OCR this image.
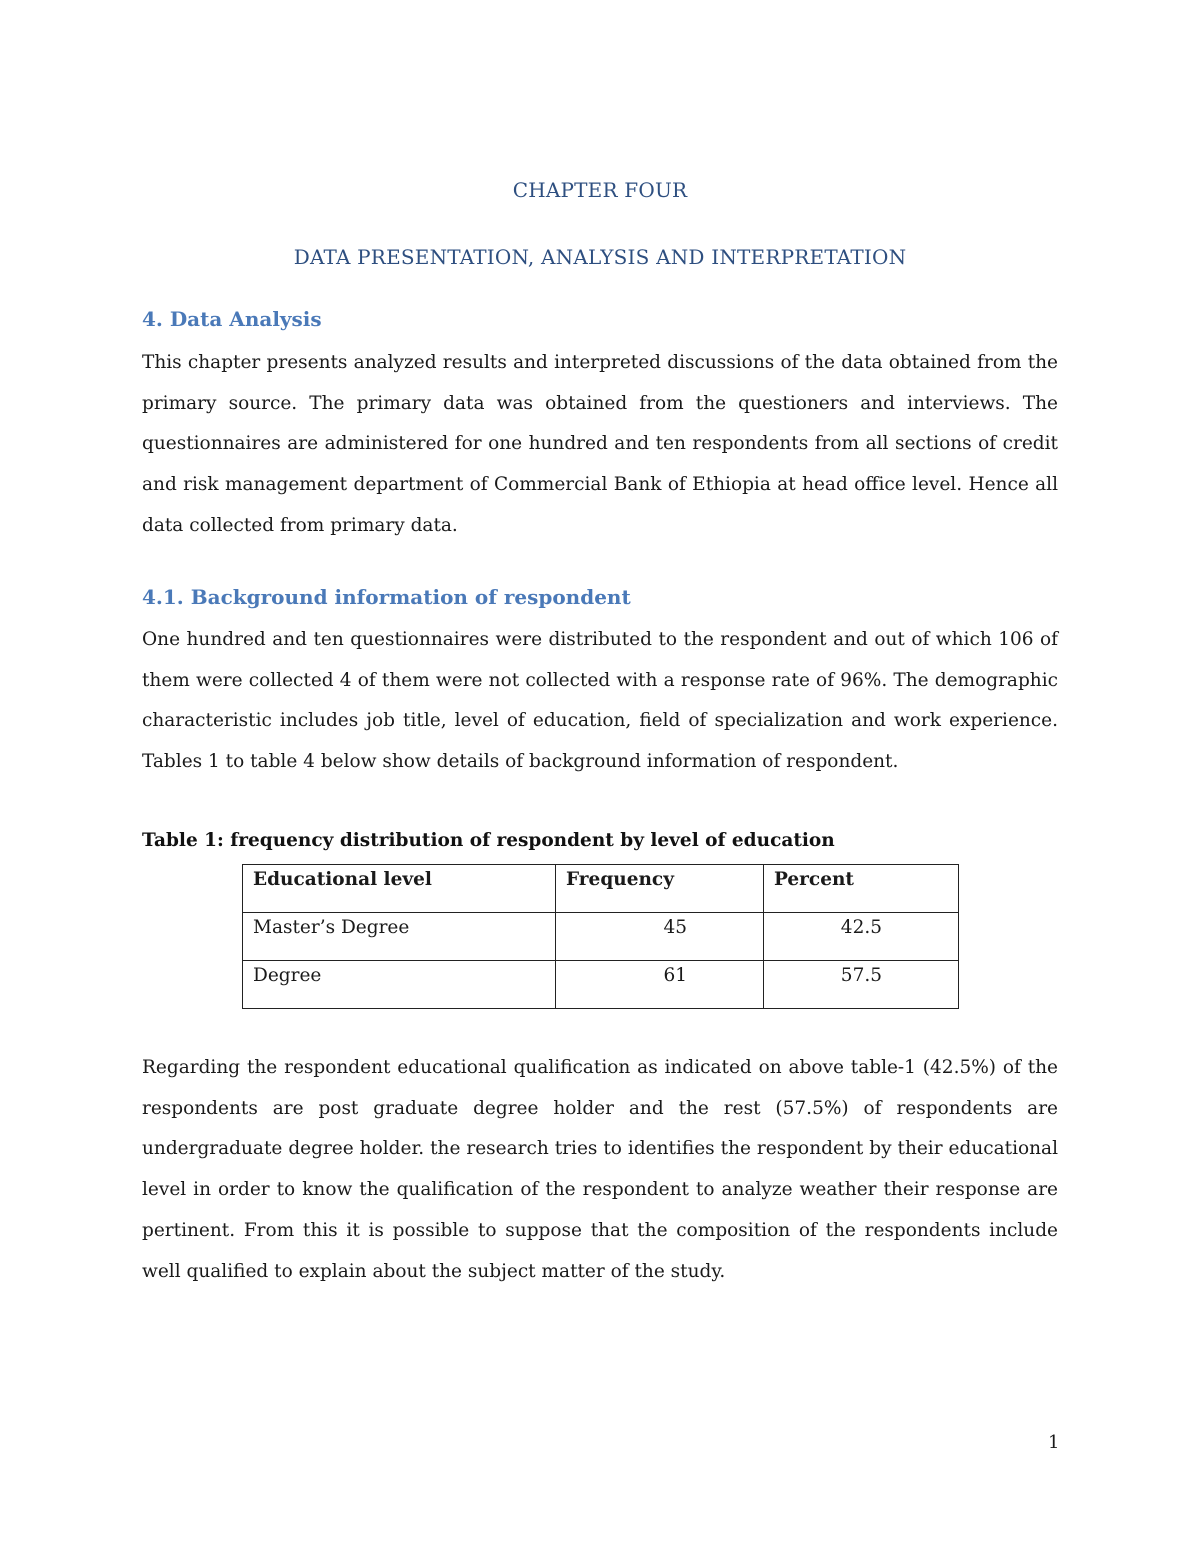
CHAPTER FOUR
DATA PRESENTATION, ANALYSIS AND INTERPRETATION
4. Data Analysis

This chapter presents analyzed results and interpreted discussions of the data obtained from the primary source. The primary data was obtained from the questioners and interviews. The questionnaires are administered for one hundred and ten respondents from all sections of credit and risk management department of Commercial Bank of Ethiopia at head office level. Hence all data collected from primary data.

4.1. Background information of respondent

One hundred and ten questionnaires were distributed to the respondent and out of which 106 of them were collected 4 of them were not collected with a response rate of 96%. The demographic characteristic includes job title, level of education, field of specialization and work experience. Tables 1 to table 4 below show details of background information of respondent.

Table 1: frequency distribution of respondent by level of education
Educational level	Frequency	Percent
Master’s Degree	45	42.5
Degree	61	57.5

Regarding the respondent educational qualification as indicated on above table-1 (42.5%) of the respondents are post graduate degree holder and the rest (57.5%) of respondents are undergraduate degree holder. the research tries to identifies the respondent by their educational level in order to know the qualification of the respondent to analyze weather their response are pertinent. From this it is possible to suppose that the composition of the respondents include well qualified to explain about the subject matter of the study.

1
